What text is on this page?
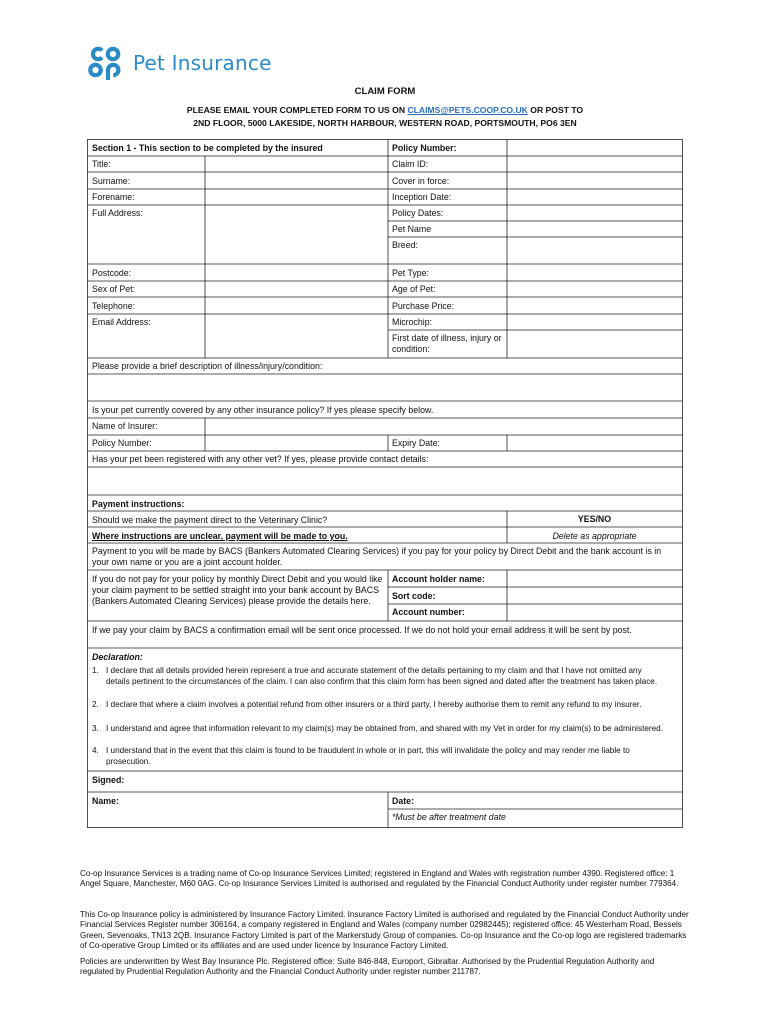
Pet Insurance
CLAIM FORM
PLEASE EMAIL YOUR COMPLETED FORM TO US ON CLAIMS@PETS.COOP.CO.UK OR POST TO
2ND FLOOR, 5000 LAKESIDE, NORTH HARBOUR, WESTERN ROAD, PORTSMOUTH, PO6 3EN
Section 1 - This section to be completed by the insured	Policy Number:
Title:	Claim ID:
Surname:	Cover in force:
Forename:	Inception Date:
Full Address:	Policy Dates:
Pet Name
Breed:
Postcode:	Pet Type:
Sex of Pet:	Age of Pet:
Telephone:	Purchase Price:
Email Address:	Microchip:
First date of illness, injury or condition:
Please provide a brief description of illness/injury/condition:
Is your pet currently covered by any other insurance policy? If yes please specify below.
Name of Insurer:
Policy Number:	Expiry Date:
Has your pet been registered with any other vet? If yes, please provide contact details:
Payment instructions:
Should we make the payment direct to the Veterinary Clinic?	YES/NO
Where instructions are unclear, payment will be made to you.	Delete as appropriate
Payment to you will be made by BACS (Bankers Automated Clearing Services) if you pay for your policy by Direct Debit and the bank account is in your own name or you are a joint account holder.
If you do not pay for your policy by monthly Direct Debit and you would like your claim payment to be settled straight into your bank account by BACS (Bankers Automated Clearing Services) please provide the details here.
Account holder name:
Sort code:
Account number:
If we pay your claim by BACS a confirmation email will be sent once processed. If we do not hold your email address it will be sent by post.
Declaration:
1. I declare that all details provided herein represent a true and accurate statement of the details pertaining to my claim and that I have not omitted any details pertinent to the circumstances of the claim. I can also confirm that this claim form has been signed and dated after the treatment has taken place.
2. I declare that where a claim involves a potential refund from other insurers or a third party, I hereby authorise them to remit any refund to my insurer.
3. I understand and agree that information relevant to my claim(s) may be obtained from, and shared with my Vet in order for my claim(s) to be administered.
4. I understand that in the event that this claim is found to be fraudulent in whole or in part, this will invalidate the policy and may render me liable to prosecution.
Signed:
Name:	Date:
*Must be after treatment date
Co-op Insurance Services is a trading name of Co-op Insurance Services Limited; registered in England and Wales with registration number 4390. Registered office: 1 Angel Square, Manchester, M60 0AG. Co-op Insurance Services Limited is authorised and regulated by the Financial Conduct Authority under register number 779364.
This Co-op Insurance policy is administered by Insurance Factory Limited. Insurance Factory Limited is authorised and regulated by the Financial Conduct Authority under Financial Services Register number 306164, a company registered in England and Wales (company number 02982445); registered office: 45 Westerham Road, Bessels Green, Sevenoaks, TN13 2QB. Insurance Factory Limited is part of the Markerstudy Group of companies. Co-op Insurance and the Co-op logo are registered trademarks of Co-operative Group Limited or its affiliates and are used under licence by Insurance Factory Limited.
Policies are underwritten by West Bay Insurance Plc. Registered office: Suite 846-848, Europort, Gibraltar. Authorised by the Prudential Regulation Authority and regulated by Prudential Regulation Authority and the Financial Conduct Authority under register number 211787.
